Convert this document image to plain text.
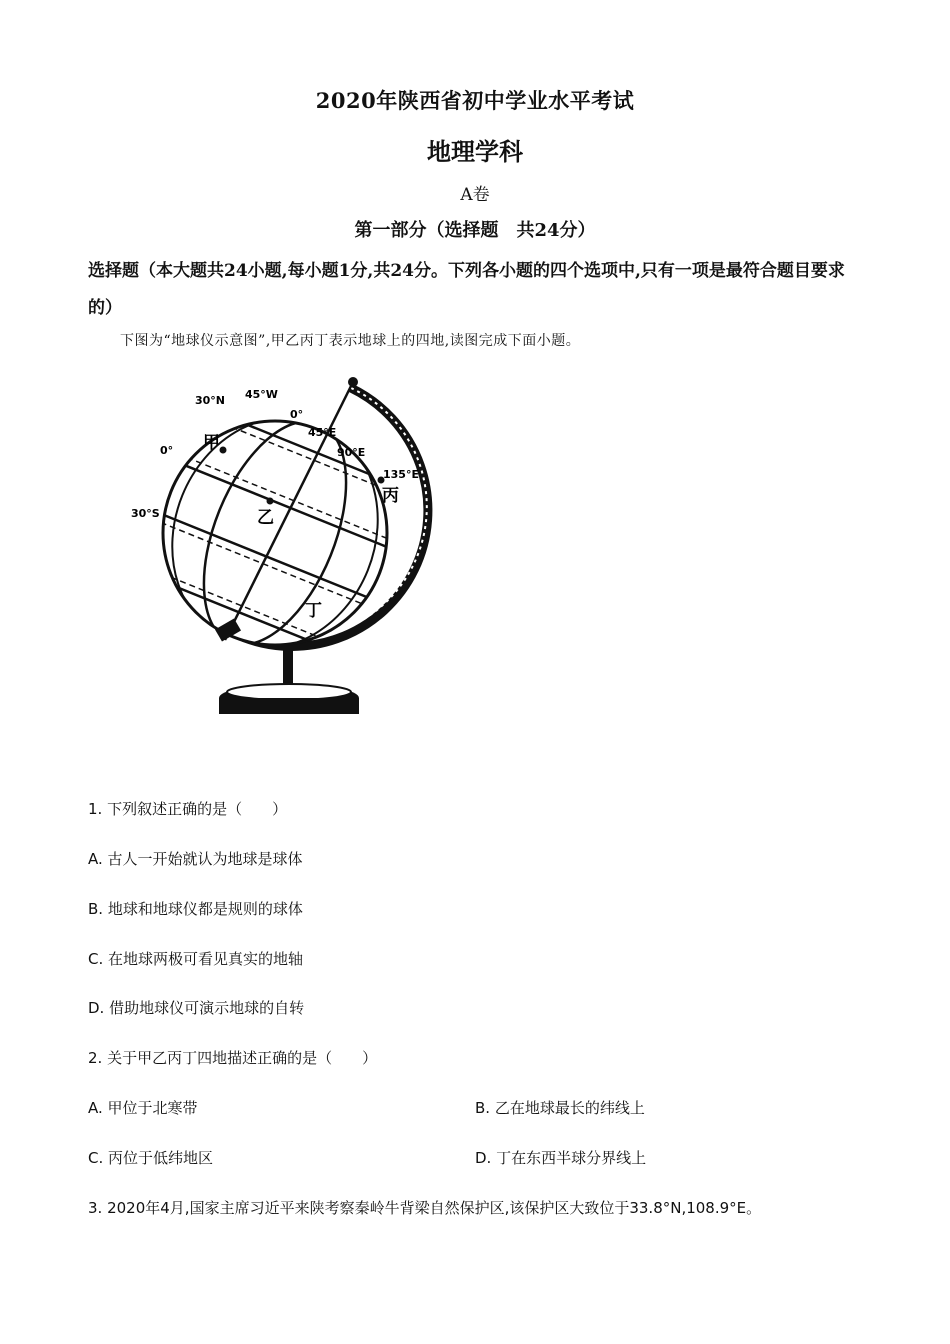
2020年陕西省初中学业水平考试
地理学科
A卷
第一部分（选择题　共24分）
选择题（本大题共24小题,每小题1分,共24分。下列各小题的四个选项中,只有一项是最符合题目要求的）
下图为“地球仪示意图”,甲乙丙丁表示地球上的四地,读图完成下面小题。
30°N 45°W
0°
45°E
0°	90°E
135°E
30°S
甲
乙
丙
丁
1. 下列叙述正确的是（　　）
A. 古人一开始就认为地球是球体
B. 地球和地球仪都是规则的球体
C. 在地球两极可看见真实的地轴
D. 借助地球仪可演示地球的自转
2. 关于甲乙丙丁四地描述正确的是（　　）
A. 甲位于北寒带	B. 乙在地球最长的纬线上
C. 丙位于低纬地区	D. 丁在东西半球分界线上
3. 2020年4月,国家主席习近平来陕考察秦岭牛背梁自然保护区,该保护区大致位于33.8°N,108.9°E。
